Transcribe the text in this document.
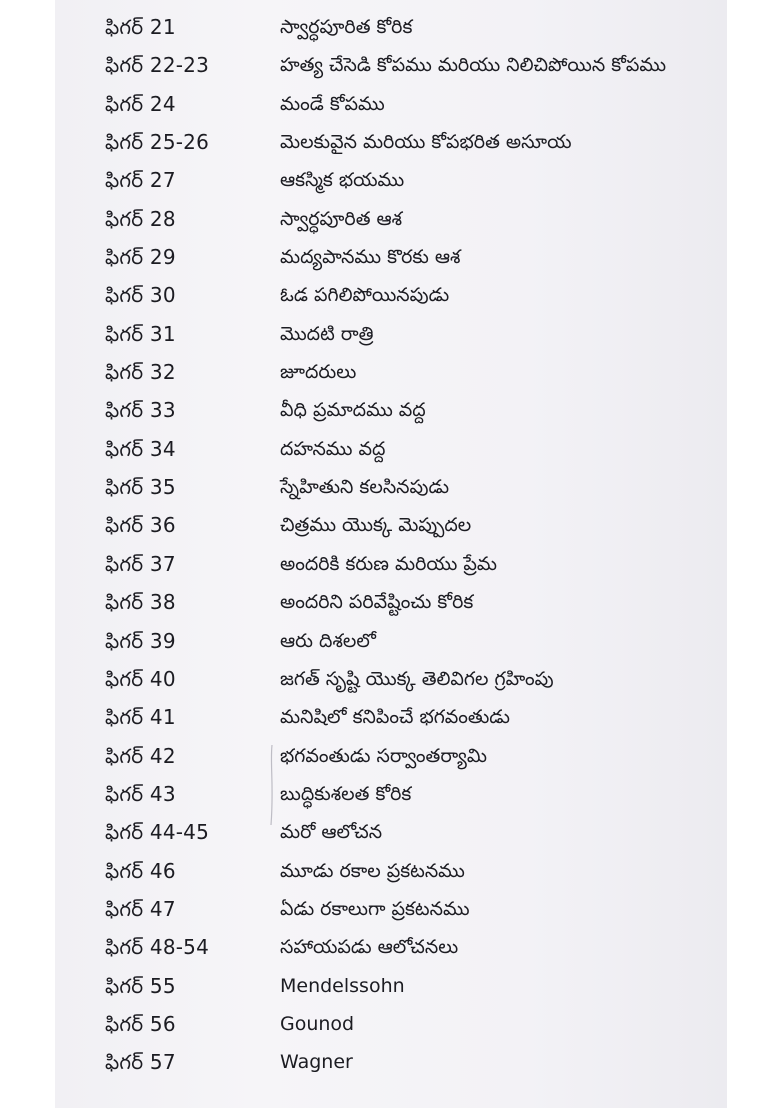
ఫిగర్ 21	స్వార్ధపూరిత కోరిక
ఫిగర్ 22-23	హత్య చేసెడి కోపము మరియు నిలిచిపోయిన కోపము
ఫిగర్ 24	మండే కోపము
ఫిగర్ 25-26	మెలకువైన మరియు కోపభరిత అసూయ
ఫిగర్ 27	ఆకస్మిక భయము
ఫిగర్ 28	స్వార్ధపూరిత ఆశ
ఫిగర్ 29	మద్యపానము కొరకు ఆశ
ఫిగర్ 30	ఓడ పగిలిపోయినపుడు
ఫిగర్ 31	మొదటి రాత్రి
ఫిగర్ 32	జూదరులు
ఫిగర్ 33	వీధి ప్రమాదము వద్ద
ఫిగర్ 34	దహనము వద్ద
ఫిగర్ 35	స్నేహితుని కలసినపుడు
ఫిగర్ 36	చిత్రము యొక్క మెప్పుదల
ఫిగర్ 37	అందరికి కరుణ మరియు ప్రేమ
ఫిగర్ 38	అందరిని పరివేష్టించు కోరిక
ఫిగర్ 39	ఆరు దిశలలో
ఫిగర్ 40	జగత్ సృష్టి యొక్క తెలివిగల గ్రహింపు
ఫిగర్ 41	మనిషిలో కనిపించే భగవంతుడు
ఫిగర్ 42	భగవంతుడు సర్వాంతర్యామి
ఫిగర్ 43	బుద్ధికుశలత కోరిక
ఫిగర్ 44-45	మరో ఆలోచన
ఫిగర్ 46	మూడు రకాల ప్రకటనము
ఫిగర్ 47	ఏడు రకాలుగా ప్రకటనము
ఫిగర్ 48-54	సహాయపడు ఆలోచనలు
ఫిగర్ 55	Mendelssohn
ఫిగర్ 56	Gounod
ఫిగర్ 57	Wagner
